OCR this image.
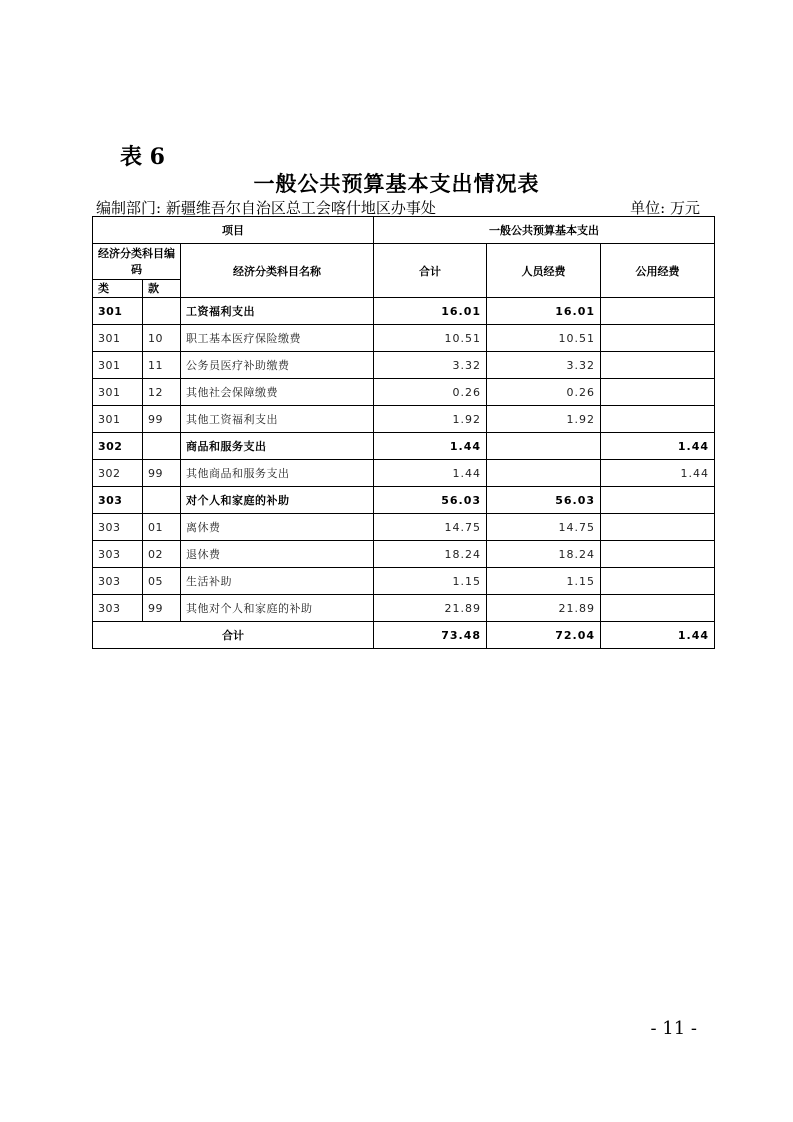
表 6
一般公共预算基本支出情况表
编制部门: 新疆维吾尔自治区总工会喀什地区办事处	单位: 万元
项目			一般公共预算基本支出		
经济分类科目编码		经济分类科目名称	合计	人员经费	公用经费
类	款				
301		工资福利支出	16.01	16.01	
301	10	职工基本医疗保险缴费	10.51	10.51	
301	11	公务员医疗补助缴费	3.32	3.32	
301	12	其他社会保障缴费	0.26	0.26	
301	99	其他工资福利支出	1.92	1.92	
302		商品和服务支出	1.44		1.44
302	99	其他商品和服务支出	1.44		1.44
303		对个人和家庭的补助	56.03	56.03	
303	01	离休费	14.75	14.75	
303	02	退休费	18.24	18.24	
303	05	生活补助	1.15	1.15	
303	99	其他对个人和家庭的补助	21.89	21.89	
合计			73.48	72.04	1.44
- 11 -
